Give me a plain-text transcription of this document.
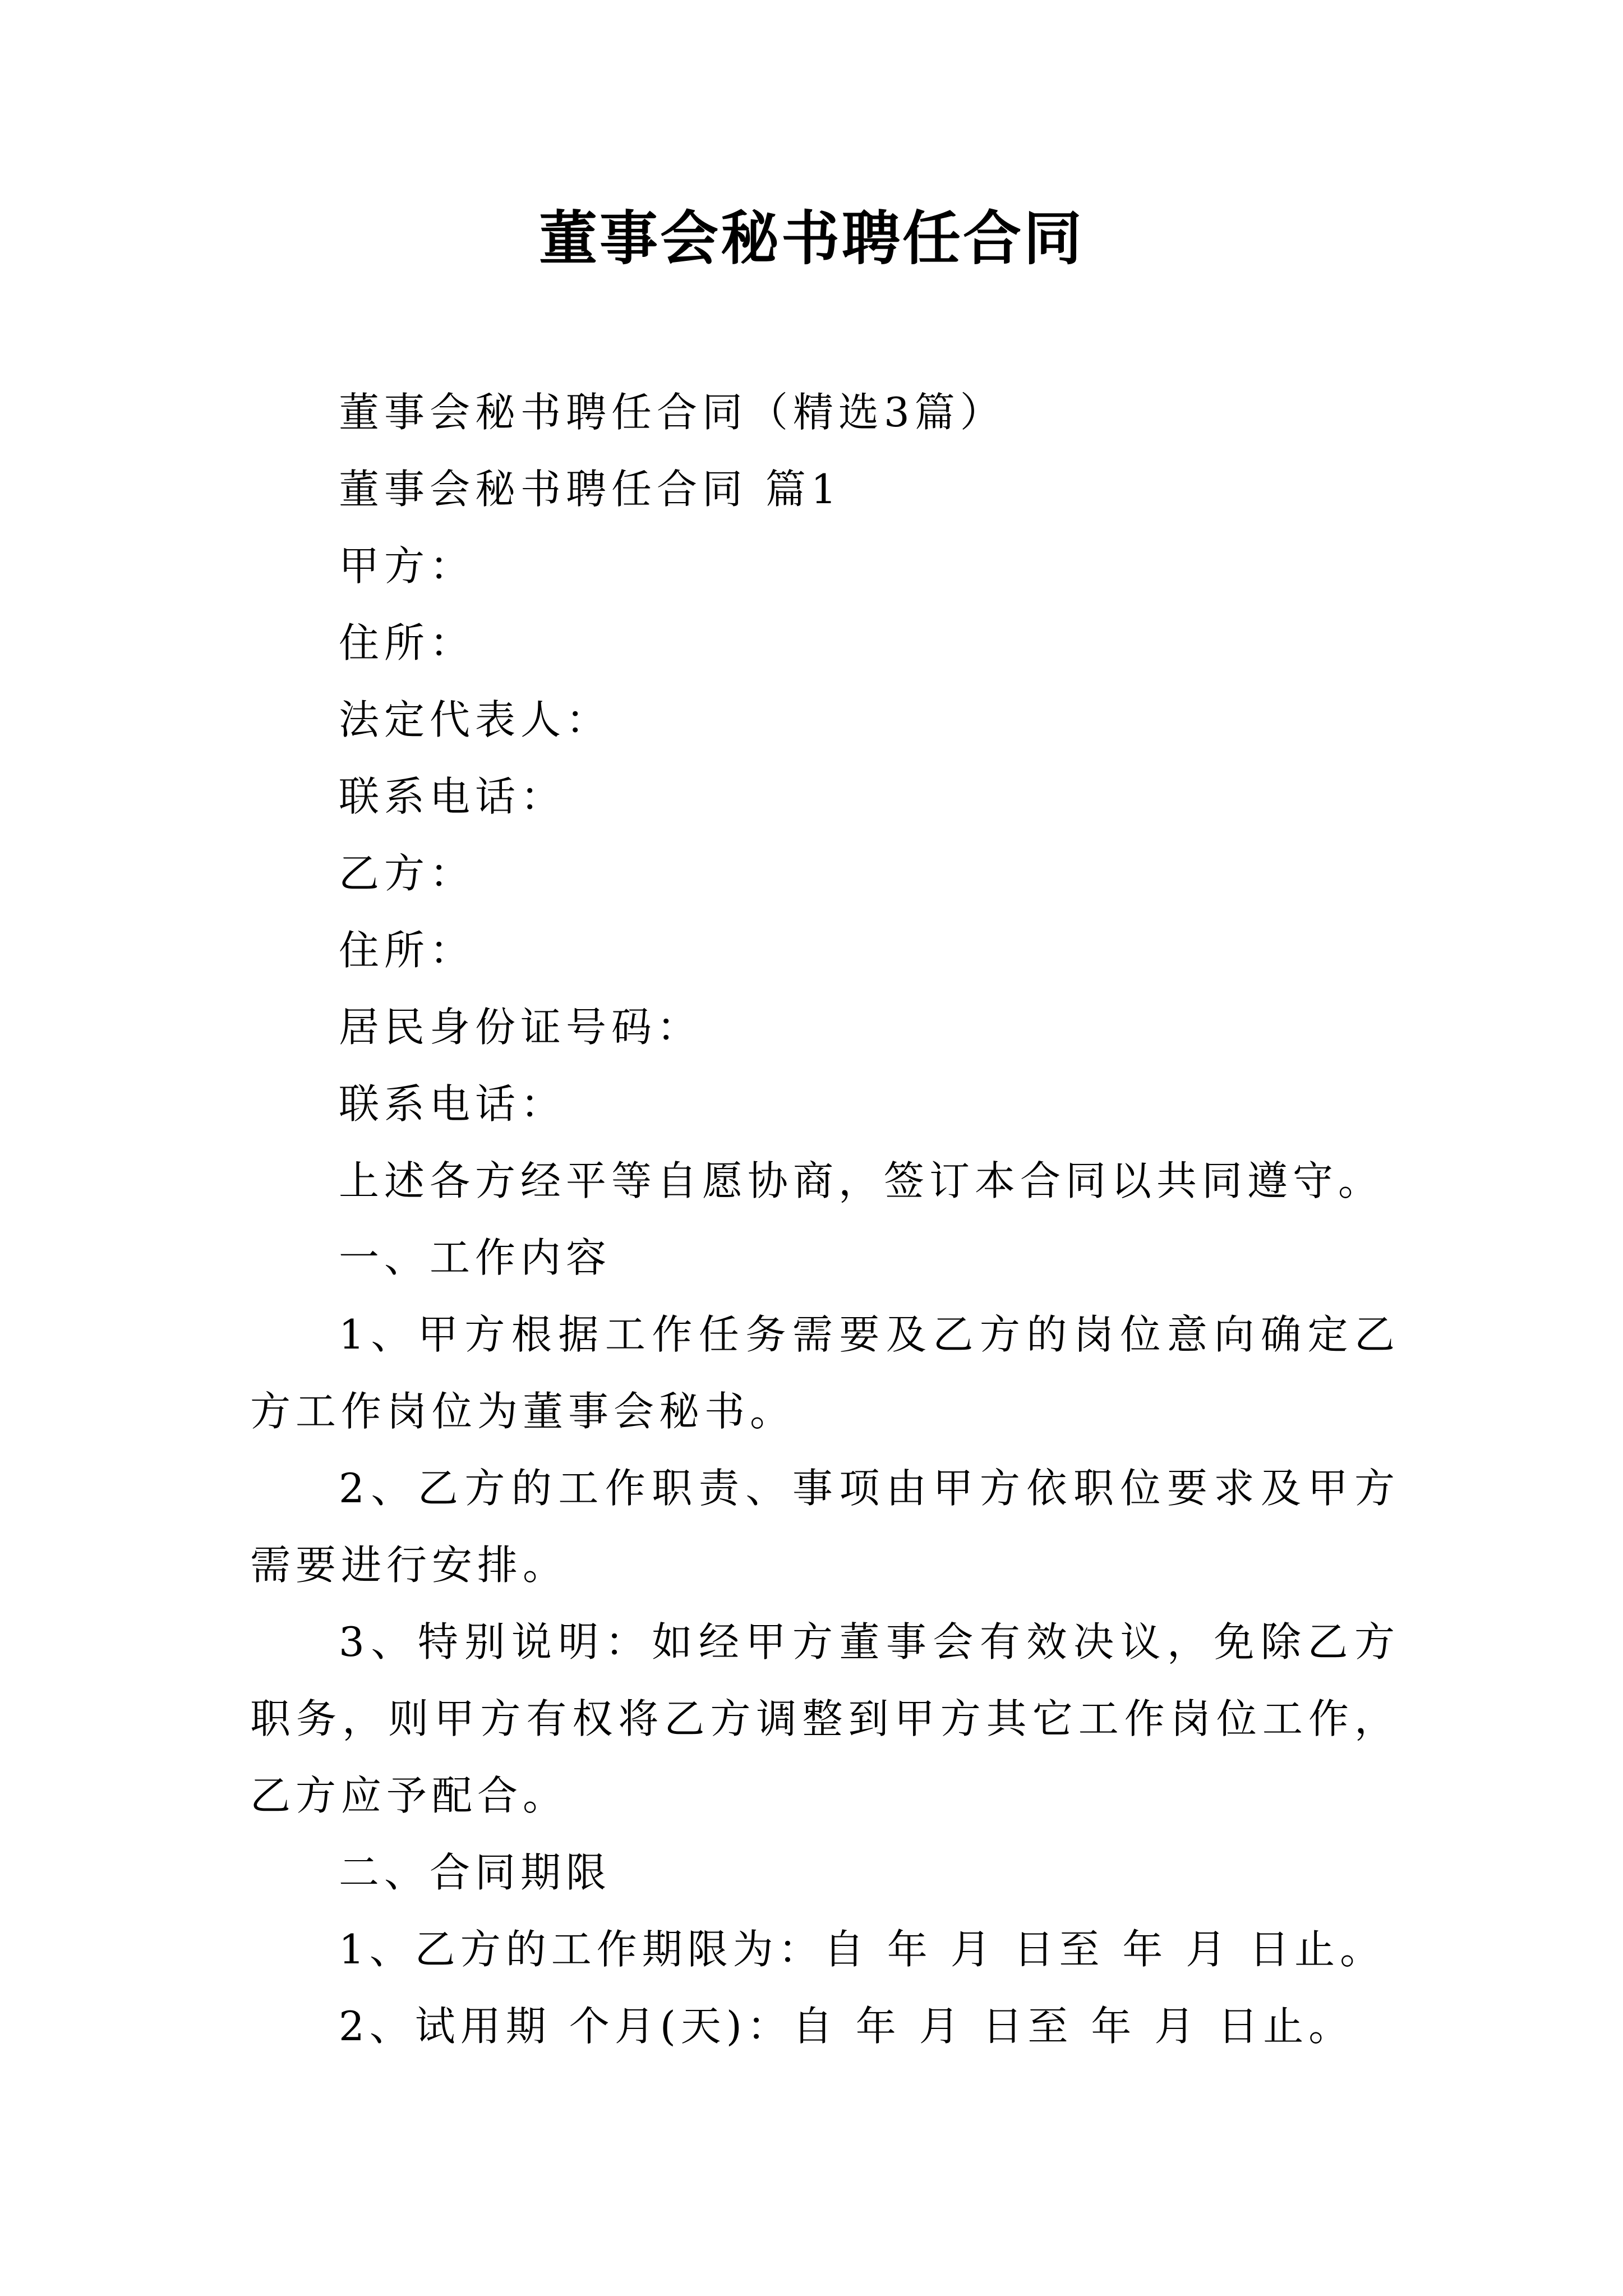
董事会秘书聘任合同

董事会秘书聘任合同（精选3篇）

董事会秘书聘任合同 篇1

甲方：

住所：

法定代表人：

联系电话：

乙方：

住所：

居民身份证号码：

联系电话：

上述各方经平等自愿协商，签订本合同以共同遵守。

一、工作内容

1、甲方根据工作任务需要及乙方的岗位意向确定乙方工作岗位为董事会秘书。

2、乙方的工作职责、事项由甲方依职位要求及甲方需要进行安排。

3、特别说明：如经甲方董事会有效决议，免除乙方职务，则甲方有权将乙方调整到甲方其它工作岗位工作，乙方应予配合。

二、合同期限

1、乙方的工作期限为：自 年 月 日至 年 月 日止。

2、试用期 个月(天)：自 年 月 日至 年 月 日止。
